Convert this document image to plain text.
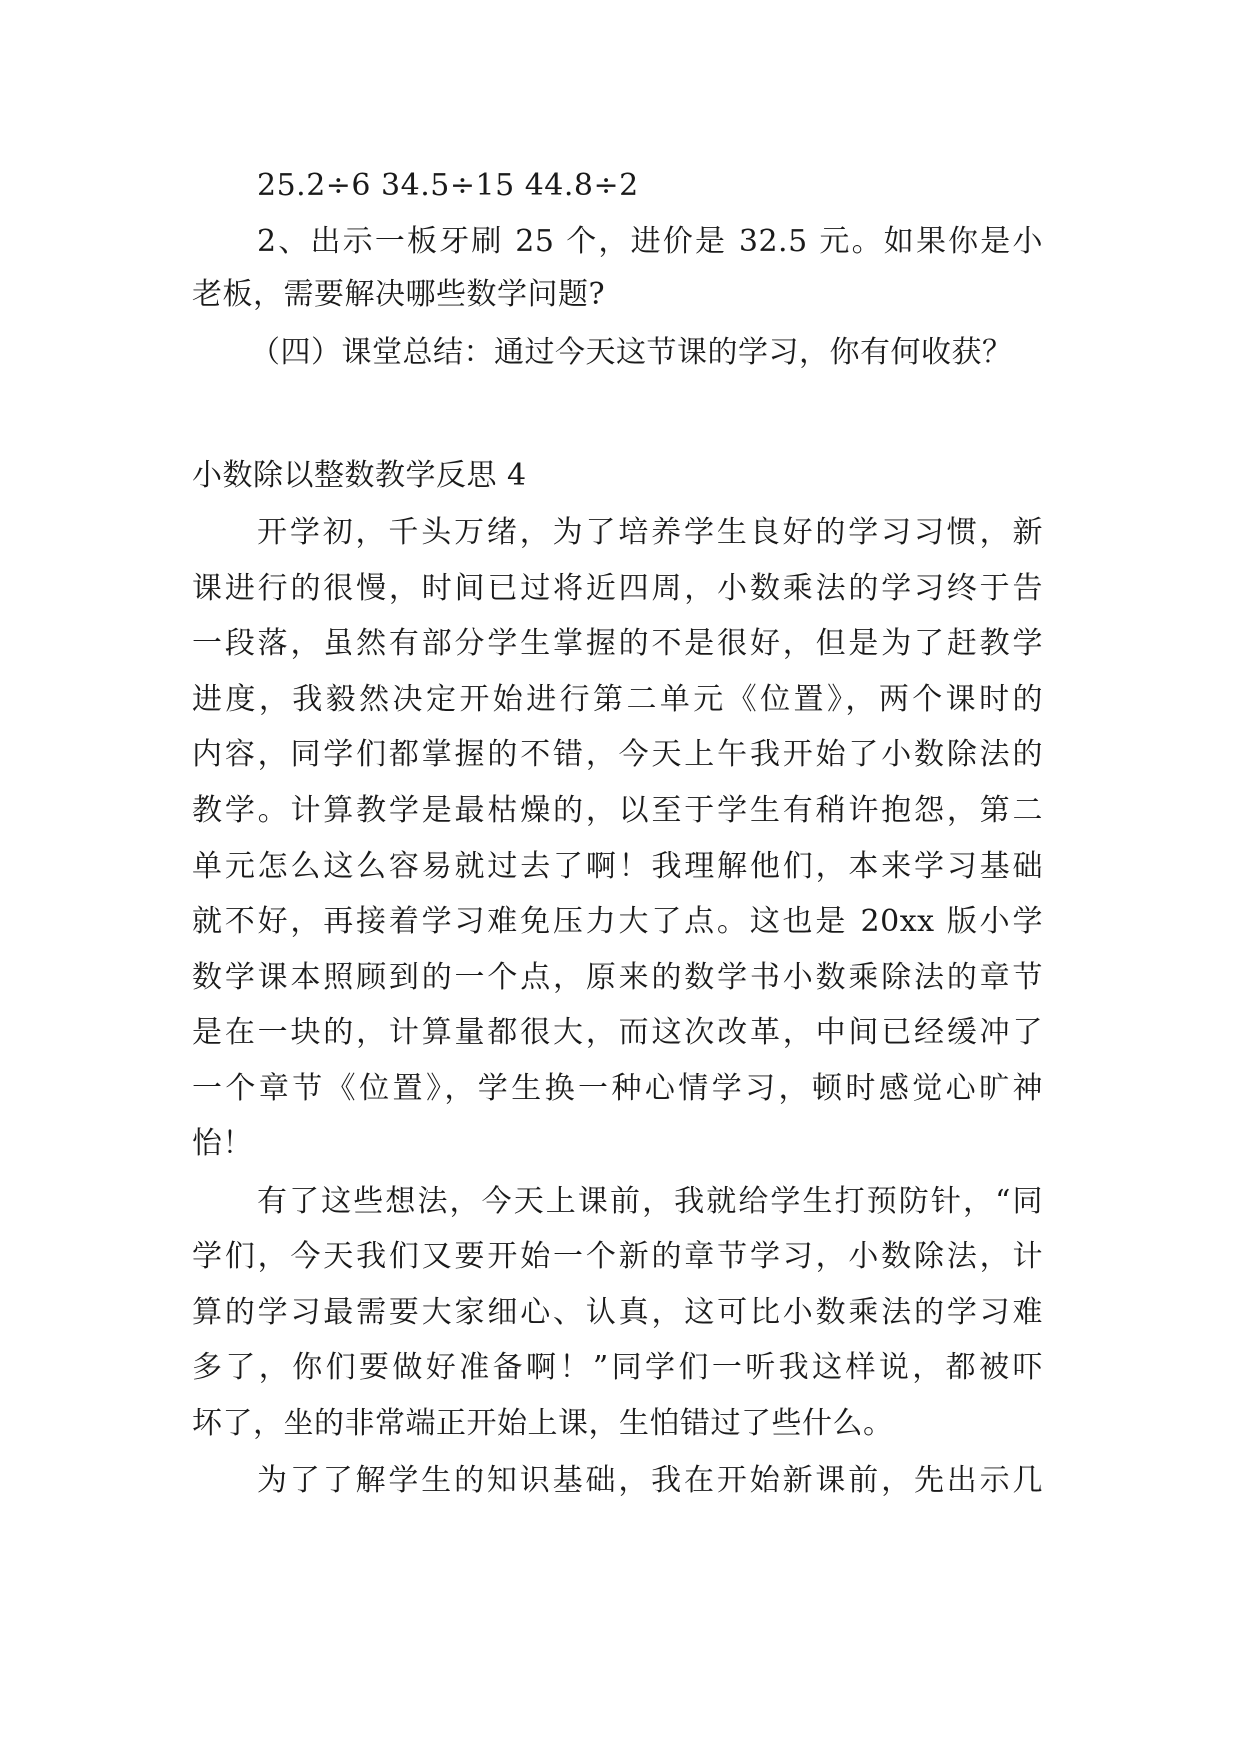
25.2÷6 34.5÷15 44.8÷2
2、出示一板牙刷 25 个，进价是 32.5 元。如果你是小
老板，需要解决哪些数学问题?
（四）课堂总结：通过今天这节课的学习，你有何收获？
小数除以整数教学反思 4
开学初，千头万绪，为了培养学生良好的学习习惯，新
课进行的很慢，时间已过将近四周，小数乘法的学习终于告
一段落，虽然有部分学生掌握的不是很好，但是为了赶教学
进度，我毅然决定开始进行第二单元《位置》，两个课时的
内容，同学们都掌握的不错，今天上午我开始了小数除法的
教学。计算教学是最枯燥的，以至于学生有稍许抱怨，第二
单元怎么这么容易就过去了啊！我理解他们，本来学习基础
就不好，再接着学习难免压力大了点。这也是 20xx 版小学
数学课本照顾到的一个点，原来的数学书小数乘除法的章节
是在一块的，计算量都很大，而这次改革，中间已经缓冲了
一个章节《位置》，学生换一种心情学习，顿时感觉心旷神
怡！
有了这些想法，今天上课前，我就给学生打预防针，“同
学们，今天我们又要开始一个新的章节学习，小数除法，计
算的学习最需要大家细心、认真，这可比小数乘法的学习难
多了，你们要做好准备啊！”同学们一听我这样说，都被吓
坏了，坐的非常端正开始上课，生怕错过了些什么。
为了了解学生的知识基础，我在开始新课前，先出示几
